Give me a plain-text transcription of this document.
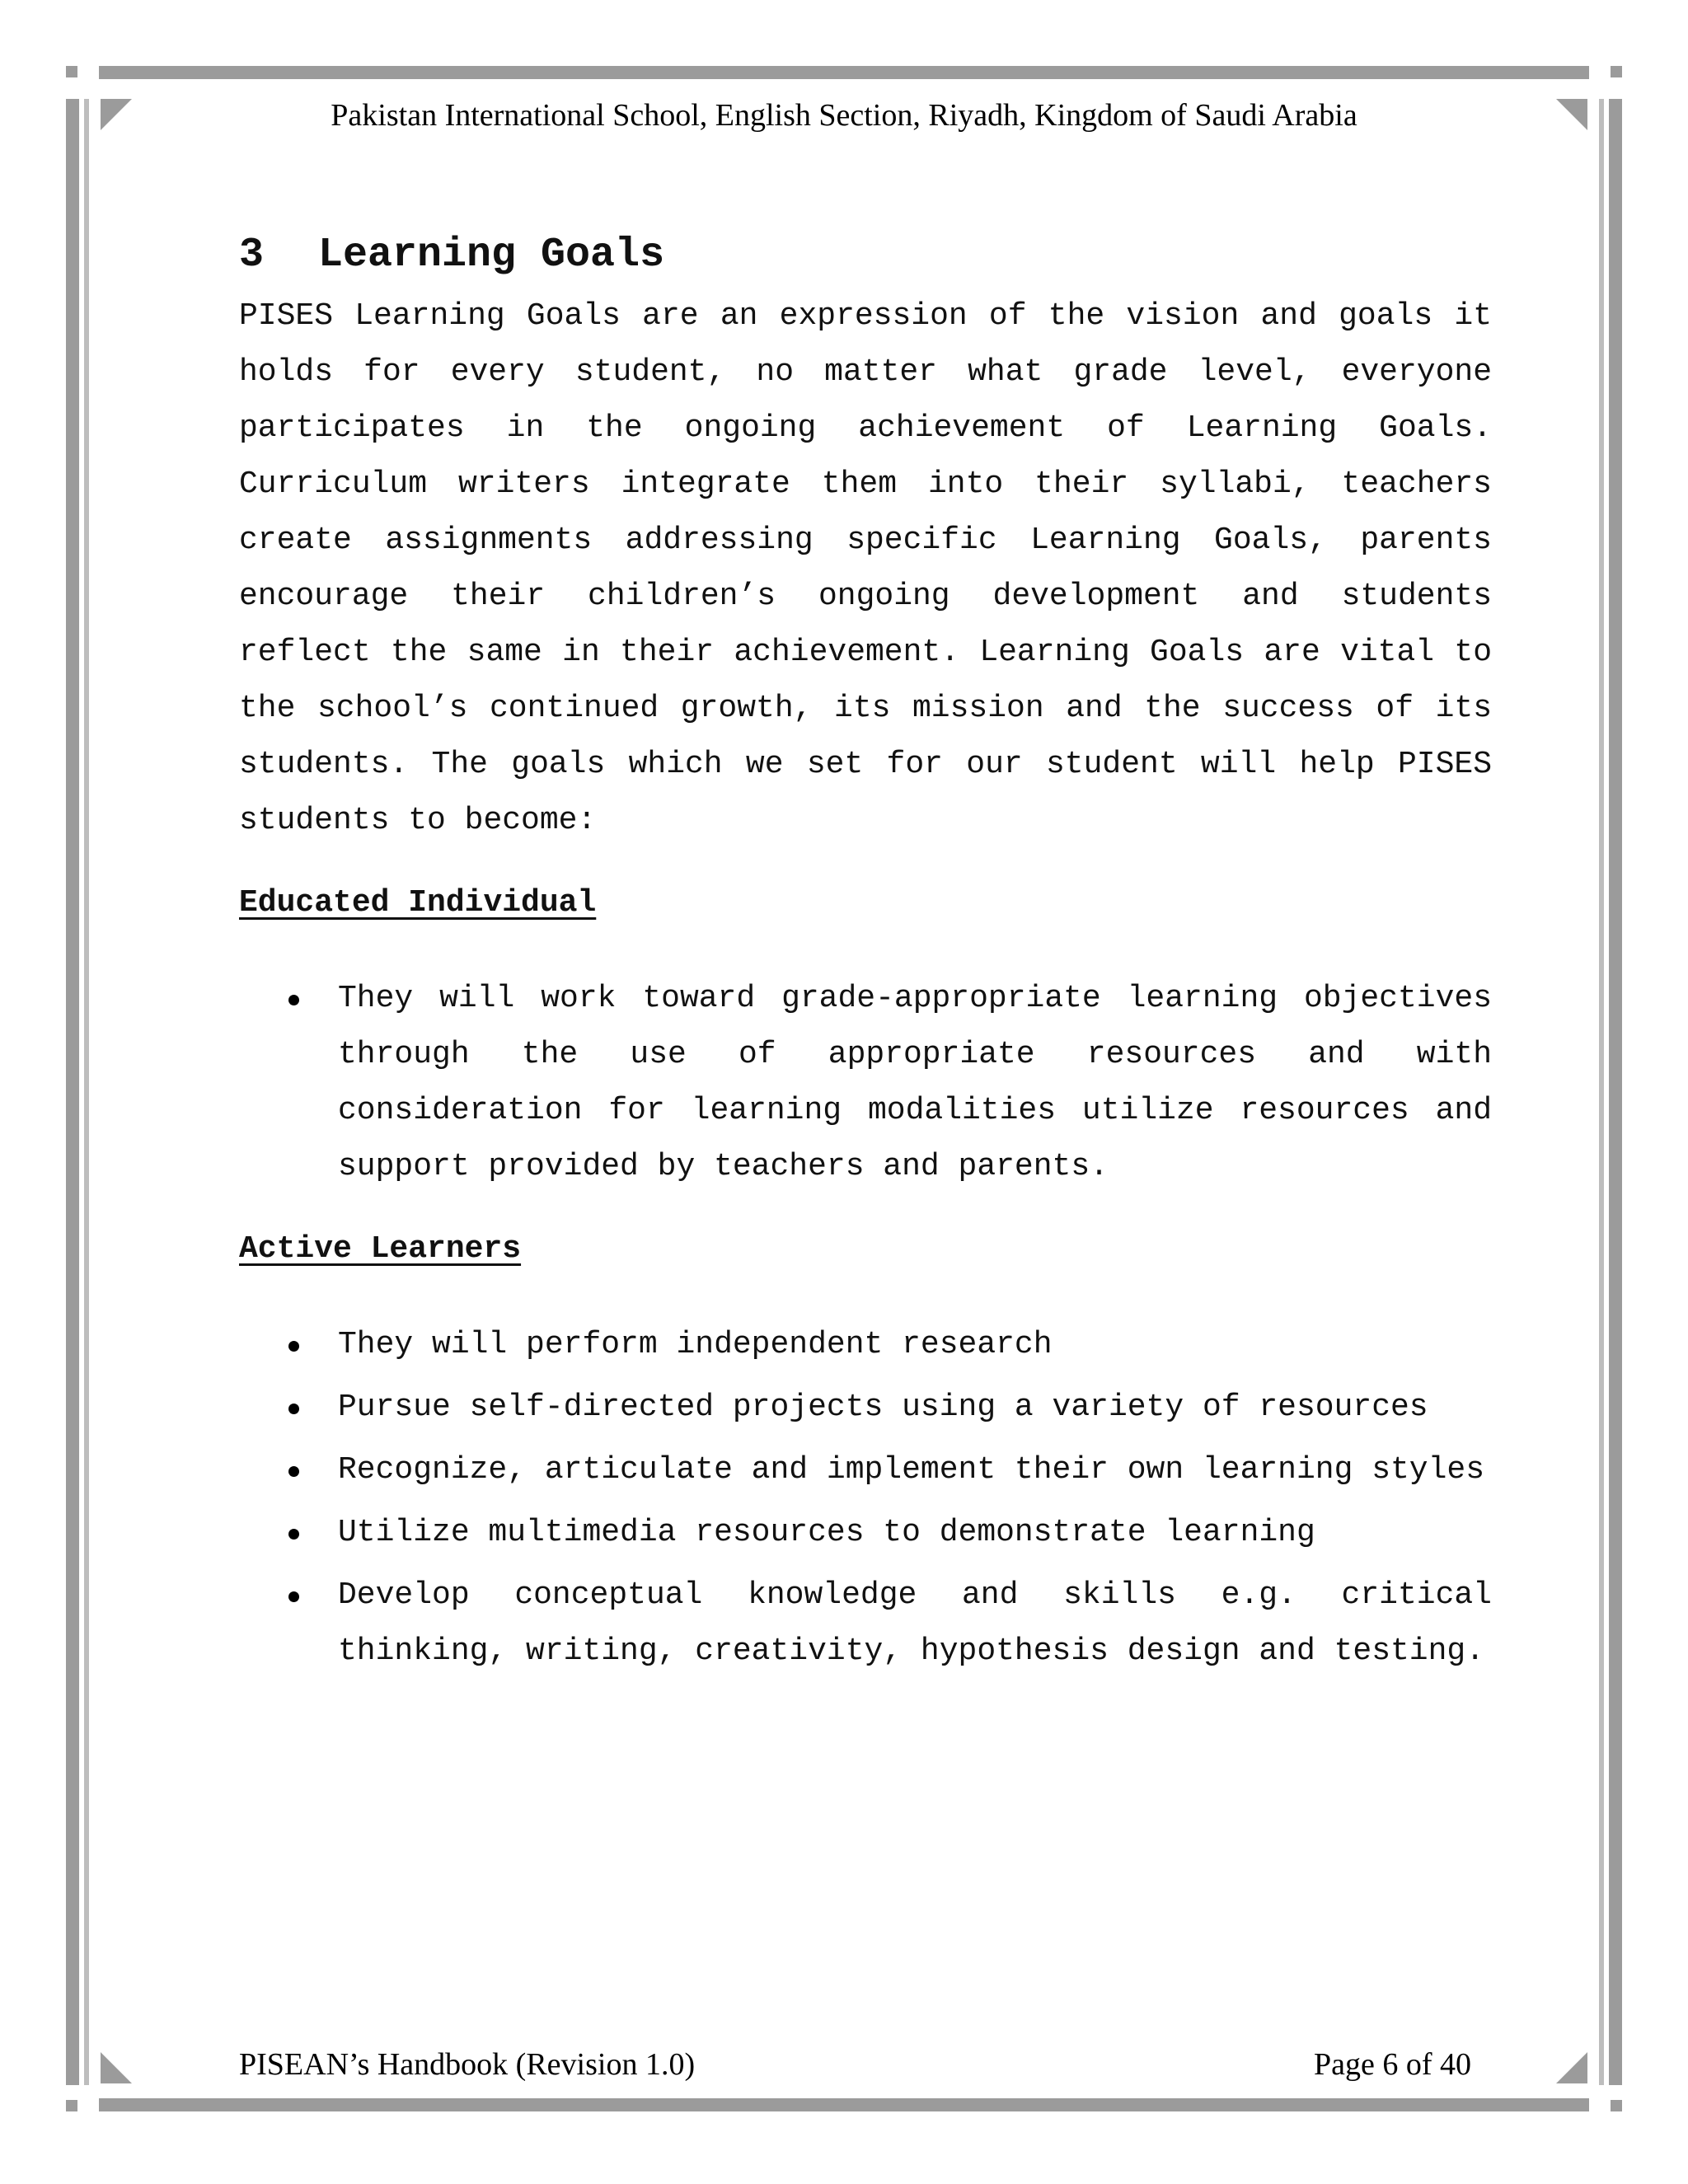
Pakistan International School, English Section, Riyadh, Kingdom of Saudi Arabia
3 Learning Goals

PISES Learning Goals are an expression of the vision and goals it holds for every student, no matter what grade level, everyone participates in the ongoing achievement of Learning Goals. Curriculum writers integrate them into their syllabi, teachers create assignments addressing specific Learning Goals, parents encourage their children’s ongoing development and students reflect the same in their achievement. Learning Goals are vital to the school’s continued growth, its mission and the success of its students. The goals which we set for our student will help PISES students to become:

Educated Individual
They will work toward grade-appropriate learning objectives through the use of appropriate resources and with consideration for learning modalities utilize resources and support provided by teachers and parents.
Active Learners
They will perform independent research
Pursue self-directed projects using a variety of resources
Recognize, articulate and implement their own learning styles
Utilize multimedia resources to demonstrate learning
Develop conceptual knowledge and skills e.g. critical thinking, writing, creativity, hypothesis design and testing.
PISEAN’s Handbook (Revision 1.0)	Page 6 of 40
